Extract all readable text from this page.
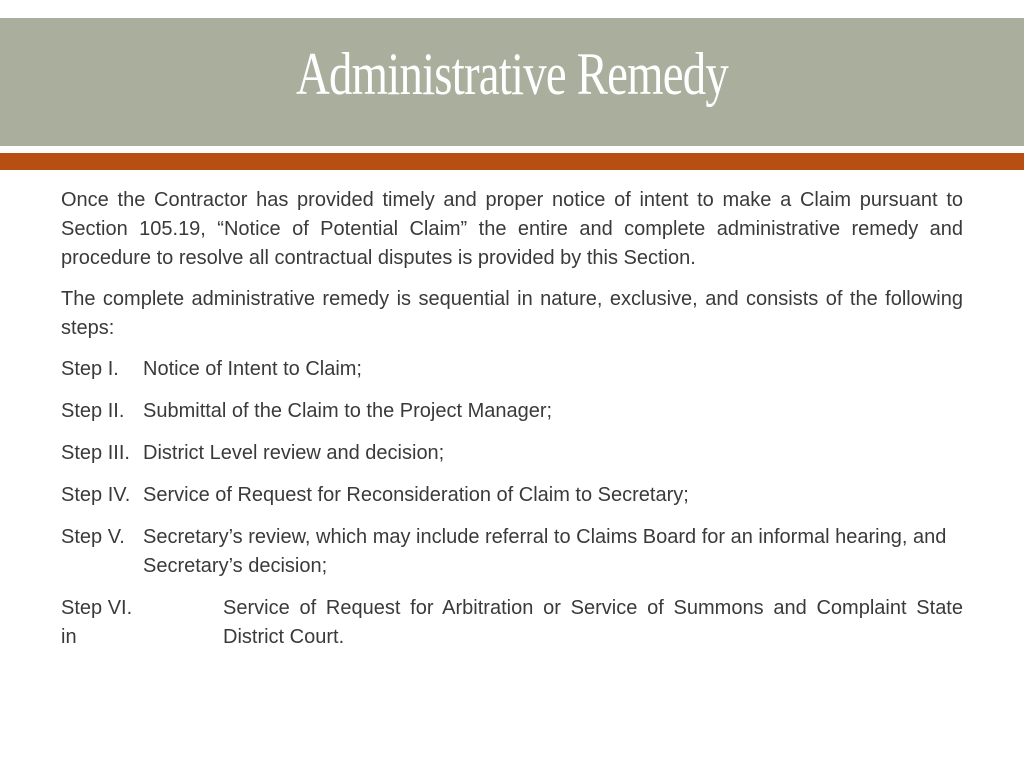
Administrative Remedy

Once the Contractor has provided timely and proper notice of intent to make a Claim pursuant to Section 105.19, “Notice of Potential Claim” the entire and complete administrative remedy and procedure to resolve all contractual disputes is provided by this Section.

The complete administrative remedy is sequential in nature, exclusive, and consists of the following steps:

Step I.	Notice of Intent to Claim;
Step II. Submittal of the Claim to the Project Manager;
Step III. District Level review and decision;
Step IV. Service of Request for Reconsideration of Claim to Secretary;
Step V. Secretary’s review, which may include referral to Claims Board for an informal hearing, and Secretary’s decision;
Step VI.
in
Service of Request for Arbitration or Service of Summons and Complaint State District Court.
